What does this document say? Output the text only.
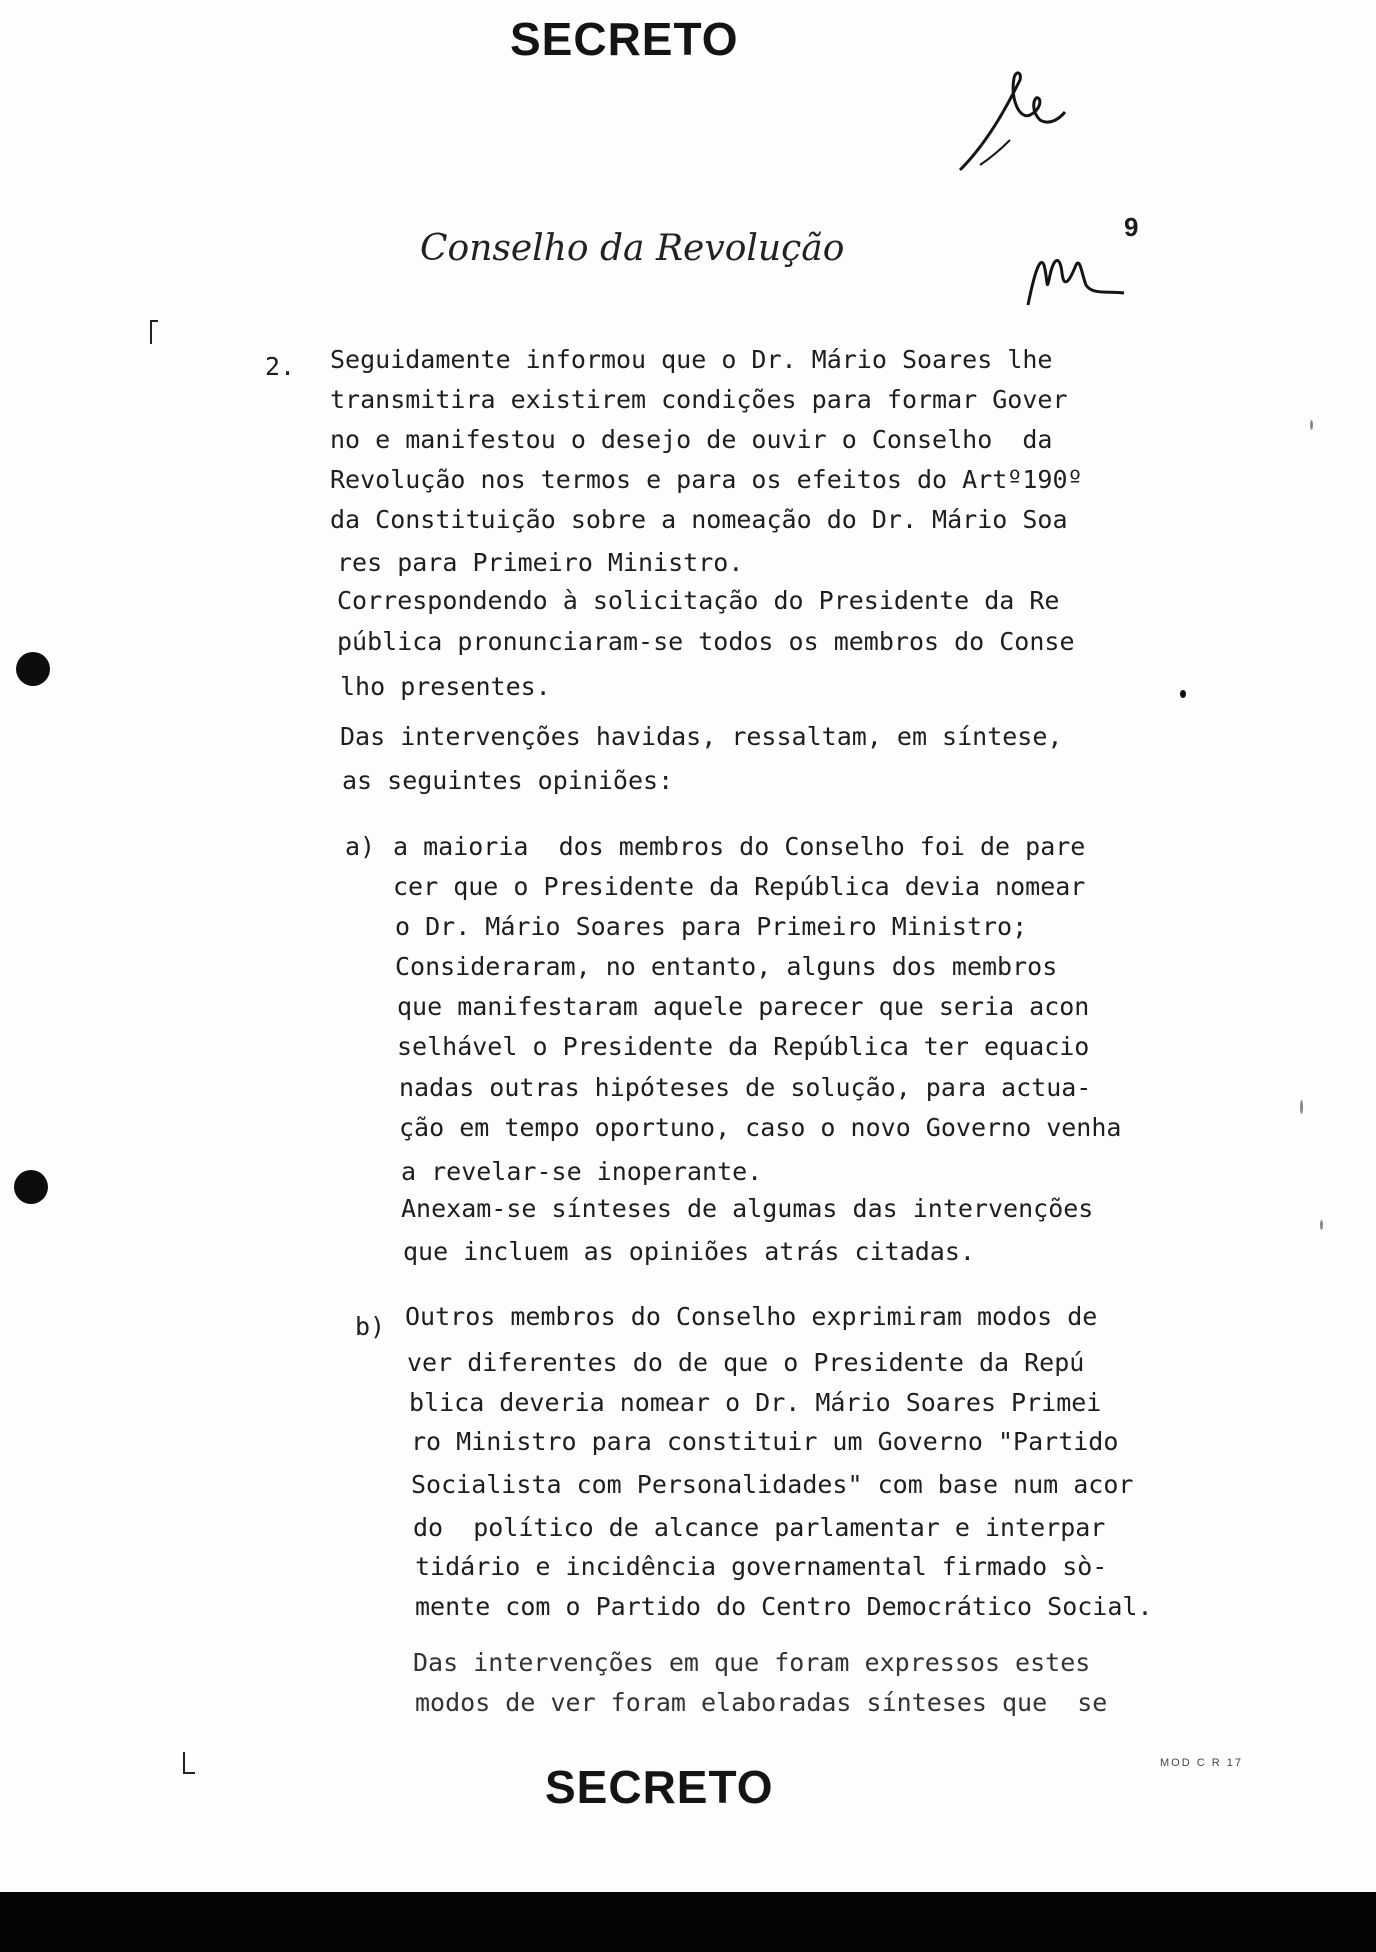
SECRETO
Conselho da Revolução
9
2. Seguidamente informou que o Dr. Mário Soares lhe
transmitira existirem condições para formar Gover
no e manifestou o desejo de ouvir o Conselho  da
Revolução nos termos e para os efeitos do Artº190º
da Constituição sobre a nomeação do Dr. Mário Soa
res para Primeiro Ministro.
Correspondendo à solicitação do Presidente da Re
pública pronunciaram-se todos os membros do Conse
lho presentes.
Das intervenções havidas, ressaltam, em síntese,
as seguintes opiniões:
a) a maioria  dos membros do Conselho foi de pare
cer que o Presidente da República devia nomear
o Dr. Mário Soares para Primeiro Ministro;
Consideraram, no entanto, alguns dos membros
que manifestaram aquele parecer que seria acon
selhável o Presidente da República ter equacio
nadas outras hipóteses de solução, para actua-
ção em tempo oportuno, caso o novo Governo venha
a revelar-se inoperante.
Anexam-se sínteses de algumas das intervenções
que incluem as opiniões atrás citadas.
b) Outros membros do Conselho exprimiram modos de
ver diferentes do de que o Presidente da Repú
blica deveria nomear o Dr. Mário Soares Primei
ro Ministro para constituir um Governo "Partido
Socialista com Personalidades" com base num acor
do  político de alcance parlamentar e interpar
tidário e incidência governamental firmado sò-
mente com o Partido do Centro Democrático Social.
Das intervenções em que foram expressos estes
modos de ver foram elaboradas sínteses que  se
SECRETO	MOD C R 17
